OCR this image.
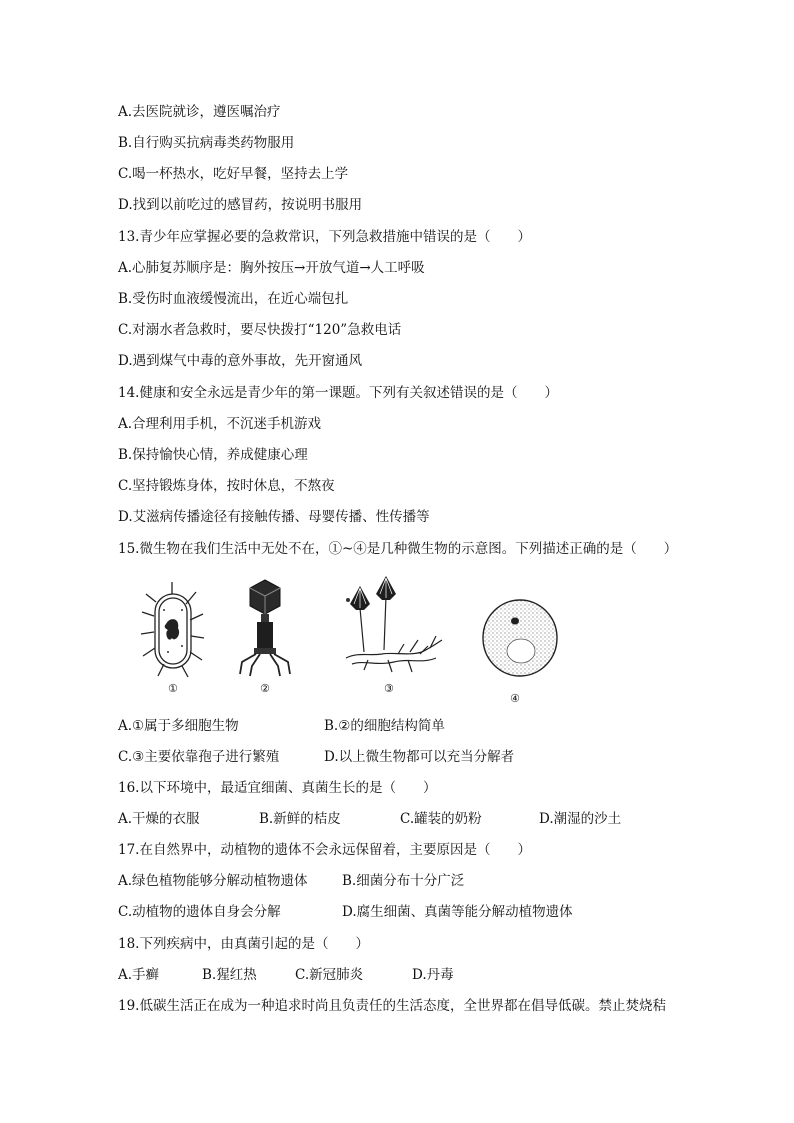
A.去医院就诊，遵医嘱治疗
B.自行购买抗病毒类药物服用
C.喝一杯热水，吃好早餐，坚持去上学
D.找到以前吃过的感冒药，按说明书服用
13.青少年应掌握必要的急救常识，下列急救措施中错误的是（　　）
A.心肺复苏顺序是：胸外按压→开放气道→人工呼吸
B.受伤时血液缓慢流出，在近心端包扎
C.对溺水者急救时，要尽快拨打“120”急救电话
D.遇到煤气中毒的意外事故，先开窗通风
14.健康和安全永远是青少年的第一课题。下列有关叙述错误的是（　　）
A.合理利用手机，不沉迷手机游戏
B.保持愉快心情，养成健康心理
C.坚持锻炼身体，按时休息，不熬夜
D.艾滋病传播途径有接触传播、母婴传播、性传播等
15.微生物在我们生活中无处不在，①~④是几种微生物的示意图。下列描述正确的是（　　）
①	②	③
④
A.①属于多细胞生物	B.②的细胞结构简单
C.③主要依靠孢子进行繁殖	D.以上微生物都可以充当分解者
16.以下环境中，最适宜细菌、真菌生长的是（　　）
A.干燥的衣服	B.新鲜的桔皮	C.罐装的奶粉	D.潮湿的沙土
17.在自然界中，动植物的遗体不会永远保留着，主要原因是（　　）
A.绿色植物能够分解动植物遗体	B.细菌分布十分广泛
C.动植物的遗体自身会分解	D.腐生细菌、真菌等能分解动植物遗体
18.下列疾病中，由真菌引起的是（　　）
A.手癣	B.猩红热	C.新冠肺炎	D.丹毒
19.低碳生活正在成为一种追求时尚且负责任的生活态度，全世界都在倡导低碳。禁止焚烧秸
